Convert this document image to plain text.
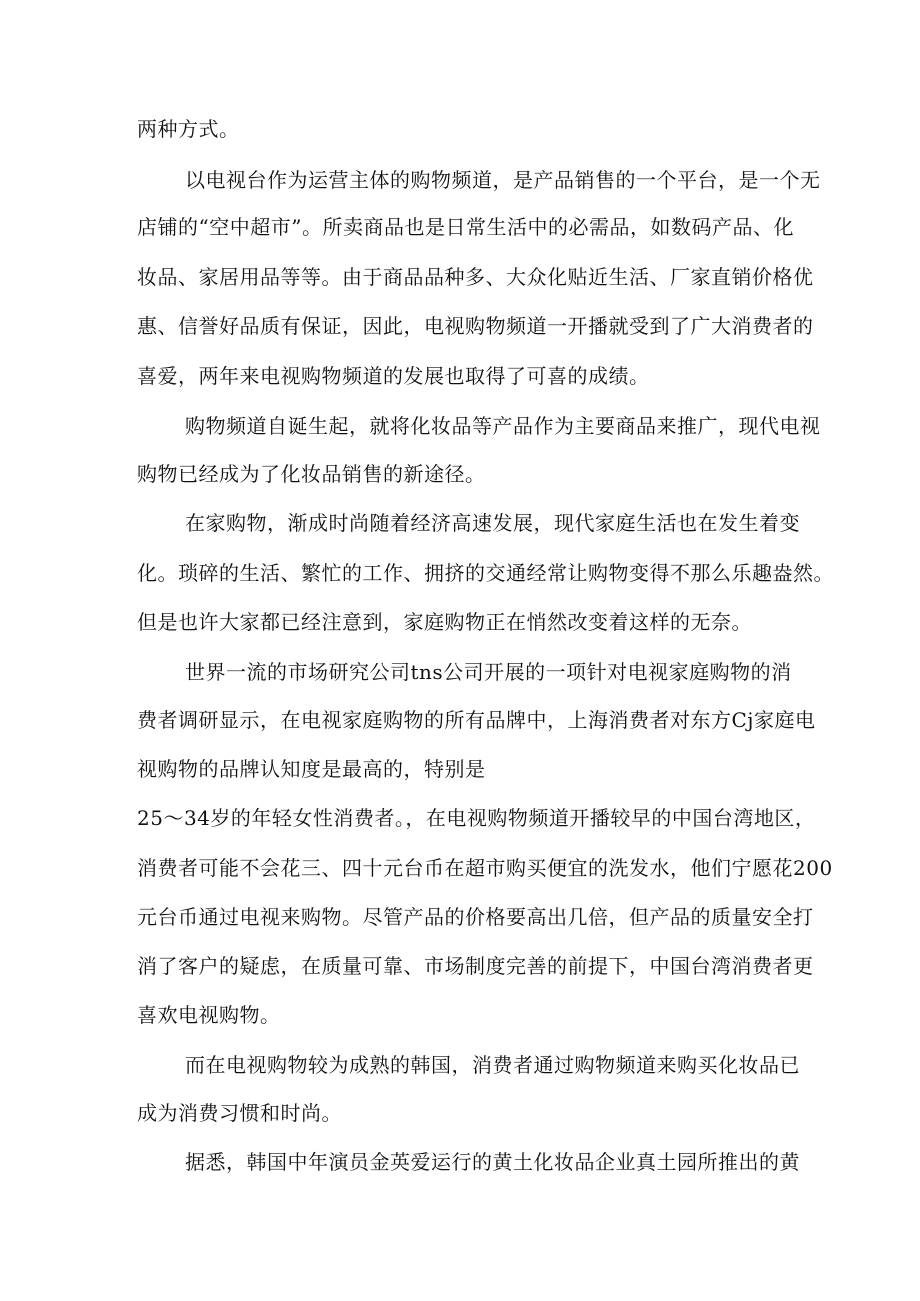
两种方式。
以电视台作为运营主体的购物频道，是产品销售的一个平台，是一个无
店铺的“空中超市”。所卖商品也是日常生活中的必需品，如数码产品、化
妆品、家居用品等等。由于商品品种多、大众化贴近生活、厂家直销价格优
惠、信誉好品质有保证，因此，电视购物频道一开播就受到了广大消费者的
喜爱，两年来电视购物频道的发展也取得了可喜的成绩。
购物频道自诞生起，就将化妆品等产品作为主要商品来推广，现代电视
购物已经成为了化妆品销售的新途径。
在家购物，渐成时尚随着经济高速发展，现代家庭生活也在发生着变
化。琐碎的生活、繁忙的工作、拥挤的交通经常让购物变得不那么乐趣盎然。
但是也许大家都已经注意到，家庭购物正在悄然改变着这样的无奈。
世界一流的市场研究公司tns公司开展的一项针对电视家庭购物的消
费者调研显示，在电视家庭购物的所有品牌中，上海消费者对东方Cj家庭电
视购物的品牌认知度是最高的，特别是
25～34岁的年轻女性消费者。，在电视购物频道开播较早的中国台湾地区，
消费者可能不会花三、四十元台币在超市购买便宜的洗发水，他们宁愿花200
元台币通过电视来购物。尽管产品的价格要高出几倍，但产品的质量安全打
消了客户的疑虑，在质量可靠、市场制度完善的前提下，中国台湾消费者更
喜欢电视购物。
而在电视购物较为成熟的韩国，消费者通过购物频道来购买化妆品已
成为消费习惯和时尚。
据悉，韩国中年演员金英爱运行的黄土化妆品企业真土园所推出的黄
